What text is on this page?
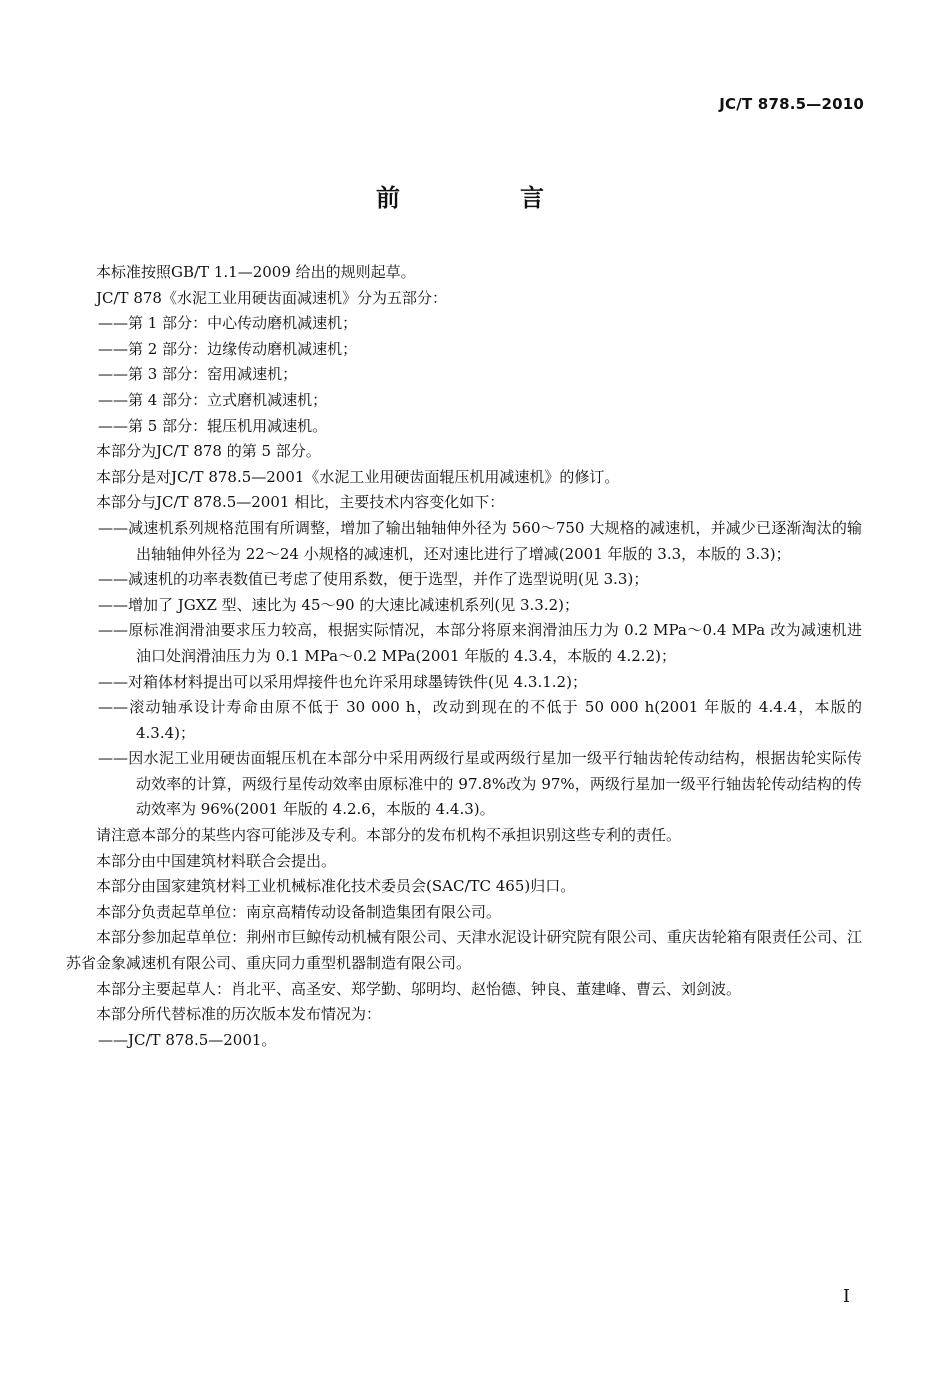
JC/T 878.5—2010
前　言

本标准按照GB/T 1.1—2009 给出的规则起草。

JC/T 878《水泥工业用硬齿面减速机》分为五部分：

——第 1 部分：中心传动磨机减速机；

——第 2 部分：边缘传动磨机减速机；

——第 3 部分：窑用减速机；

——第 4 部分：立式磨机减速机；

——第 5 部分：辊压机用减速机。

本部分为JC/T 878 的第 5 部分。

本部分是对JC/T 878.5—2001《水泥工业用硬齿面辊压机用减速机》的修订。

本部分与JC/T 878.5—2001 相比，主要技术内容变化如下：

——减速机系列规格范围有所调整，增加了输出轴轴伸外径为 560～750 大规格的减速机，并减少已逐渐淘汰的输出轴轴伸外径为 22～24 小规格的减速机，还对速比进行了增减(2001 年版的 3.3，本版的 3.3)；

——减速机的功率表数值已考虑了使用系数，便于选型，并作了选型说明(见 3.3)；

——增加了 JGXZ 型、速比为 45～90 的大速比减速机系列(见 3.3.2)；

——原标准润滑油要求压力较高，根据实际情况，本部分将原来润滑油压力为 0.2 MPa～0.4 MPa 改为减速机进油口处润滑油压力为 0.1 MPa～0.2 MPa(2001 年版的 4.3.4，本版的 4.2.2)；

——对箱体材料提出可以采用焊接件也允许采用球墨铸铁件(见 4.3.1.2)；

——滚动轴承设计寿命由原不低于 30 000 h，改动到现在的不低于 50 000 h(2001 年版的 4.4.4，本版的 4.3.4)；

——因水泥工业用硬齿面辊压机在本部分中采用两级行星或两级行星加一级平行轴齿轮传动结构，根据齿轮实际传动效率的计算，两级行星传动效率由原标准中的 97.8%改为 97%，两级行星加一级平行轴齿轮传动结构的传动效率为 96%(2001 年版的 4.2.6，本版的 4.4.3)。

请注意本部分的某些内容可能涉及专利。本部分的发布机构不承担识别这些专利的责任。

本部分由中国建筑材料联合会提出。

本部分由国家建筑材料工业机械标准化技术委员会(SAC/TC 465)归口。

本部分负责起草单位：南京高精传动设备制造集团有限公司。

本部分参加起草单位：荆州市巨鲸传动机械有限公司、天津水泥设计研究院有限公司、重庆齿轮箱有限责任公司、江苏省金象减速机有限公司、重庆同力重型机器制造有限公司。

本部分主要起草人：肖北平、高圣安、郑学勤、邬明均、赵怡德、钟良、董建峰、曹云、刘剑波。

本部分所代替标准的历次版本发布情况为：

——JC/T 878.5—2001。

I
